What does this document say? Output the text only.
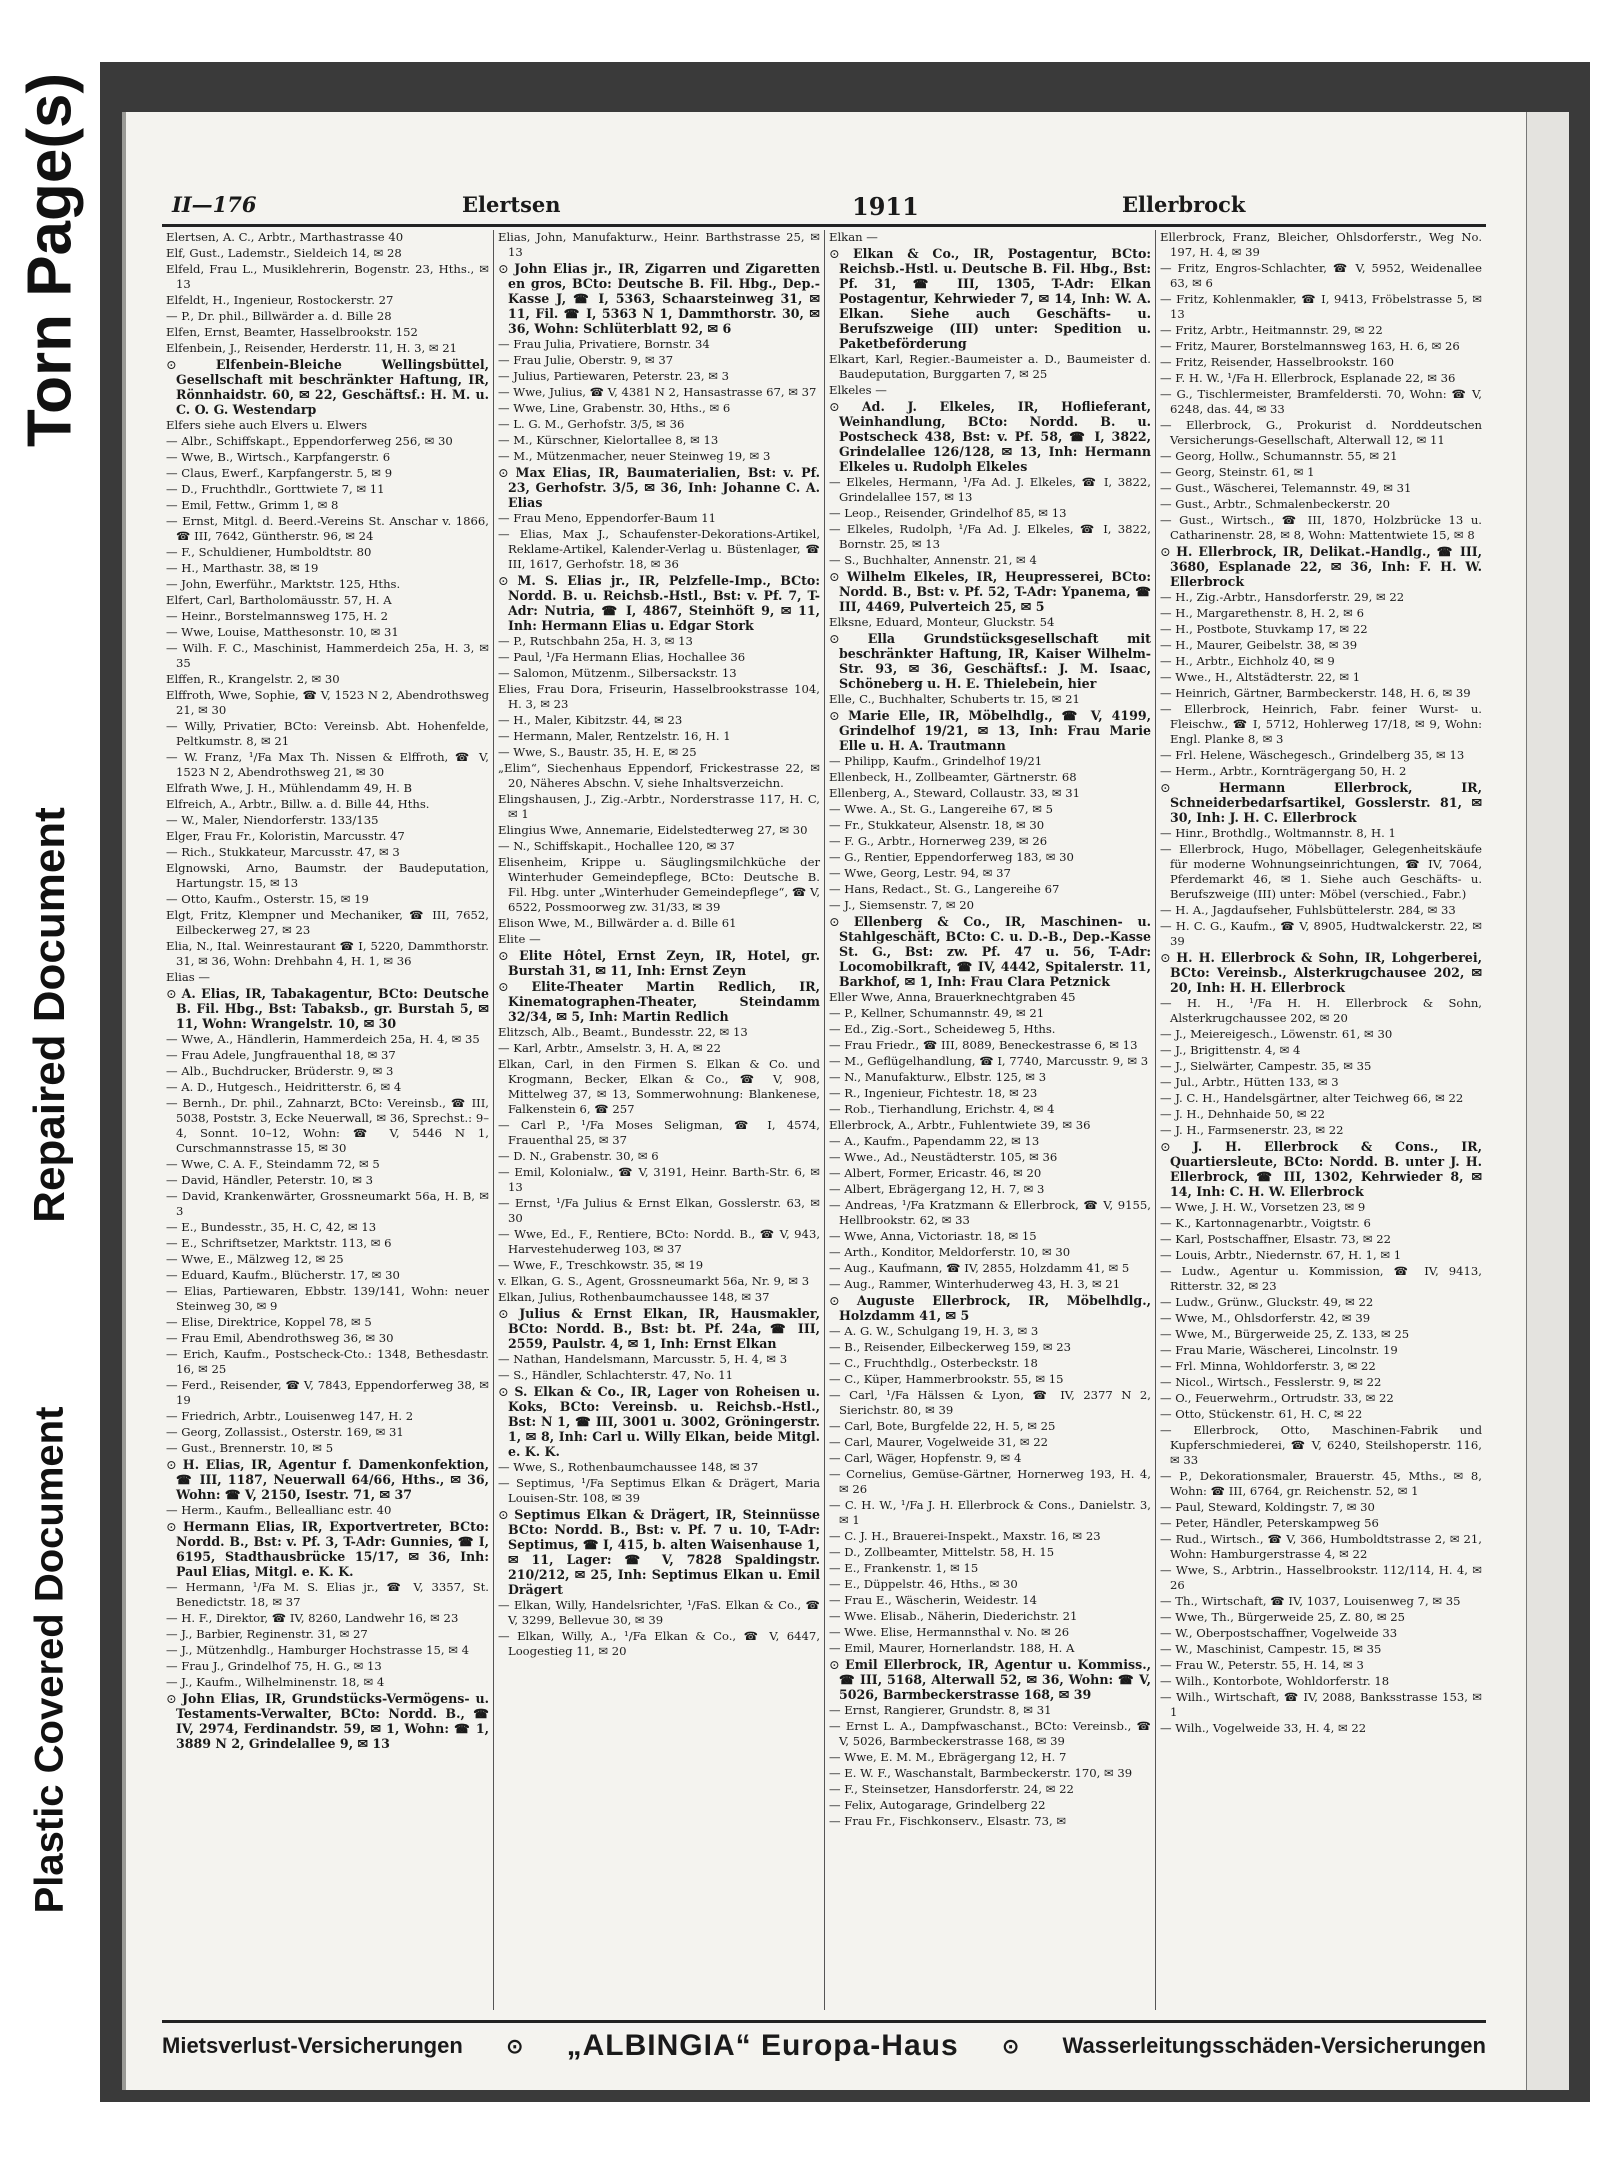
Torn Page(s)
Repaired Document
Plastic Covered Document
II—176	Elertsen	1911	Ellerbrock

Elertsen, A. C., Arbtr., Marthastrasse 40

Elf, Gust., Lademstr., Sieldeich 14, ✉ 28

Elfeld, Frau L., Musiklehrerin, Bogenstr. 23, Hths., ✉ 13

Elfeldt, H., Ingenieur, Rostockerstr. 27

— P., Dr. phil., Billwärder a. d. Bille 28

Elfen, Ernst, Beamter, Hasselbrookstr. 152

Elfenbein, J., Reisender, Herderstr. 11, H. 3, ✉ 21

⊙ Elfenbein-Bleiche Wellingsbüttel, Gesellschaft mit beschränkter Haftung, IR, Rönnhaidstr. 60, ✉ 22, Geschäftsf.: H. M. u. C. O. G. Westendarp

Elfers siehe auch Elvers u. Elwers

— Albr., Schiffskapt., Eppendorferweg 256, ✉ 30

— Wwe, B., Wirtsch., Karpfangerstr. 6

— Claus, Ewerf., Karpfangerstr. 5, ✉ 9

— D., Fruchthdlr., Gorttwiete 7, ✉ 11

— Emil, Fettw., Grimm 1, ✉ 8

— Ernst, Mitgl. d. Beerd.-Vereins St. Anschar v. 1866, ☎ III, 7642, Güntherstr. 96, ✉ 24

— F., Schuldiener, Humboldtstr. 80

— H., Marthastr. 38, ✉ 19

— John, Ewerführ., Marktstr. 125, Hths.

Elfert, Carl, Bartholomäusstr. 57, H. A

— Heinr., Borstelmannsweg 175, H. 2

— Wwe, Louise, Matthesonstr. 10, ✉ 31

— Wilh. F. C., Maschinist, Hammerdeich 25a, H. 3, ✉ 35

Elffen, R., Krangelstr. 2, ✉ 30

Elffroth, Wwe, Sophie, ☎ V, 1523 N 2, Abendrothsweg 21, ✉ 30

— Willy, Privatier, BCto: Vereinsb. Abt. Hohenfelde, Peltkumstr. 8, ✉ 21

— W. Franz, ¹/Fa Max Th. Nissen & Elffroth, ☎ V, 1523 N 2, Abendrothsweg 21, ✉ 30

Elfrath Wwe, J. H., Mühlendamm 49, H. B

Elfreich, A., Arbtr., Billw. a. d. Bille 44, Hths.

— W., Maler, Niendorferstr. 133/135

Elger, Frau Fr., Koloristin, Marcusstr. 47

— Rich., Stukkateur, Marcusstr. 47, ✉ 3

Elgnowski, Arno, Baumstr. der Baudeputation, Hartungstr. 15, ✉ 13

— Otto, Kaufm., Osterstr. 15, ✉ 19

Elgt, Fritz, Klempner und Mechaniker, ☎ III, 7652, Eilbeckerweg 27, ✉ 23

Elia, N., Ital. Weinrestaurant ☎ I, 5220, Dammthorstr. 31, ✉ 36, Wohn: Drehbahn 4, H. 1, ✉ 36

Elias —

⊙ A. Elias, IR, Tabakagentur, BCto: Deutsche B. Fil. Hbg., Bst: Tabaksb., gr. Burstah 5, ✉ 11, Wohn: Wrangelstr. 10, ✉ 30

— Wwe, A., Händlerin, Hammerdeich 25a, H. 4, ✉ 35

— Frau Adele, Jungfrauenthal 18, ✉ 37

— Alb., Buchdrucker, Brüderstr. 9, ✉ 3

— A. D., Hutgesch., Heidritterstr. 6, ✉ 4

— Bernh., Dr. phil., Zahnarzt, BCto: Vereinsb., ☎ III, 5038, Poststr. 3, Ecke Neuerwall, ✉ 36, Sprechst.: 9–4, Sonnt. 10–12, Wohn: ☎ V, 5446 N 1, Curschmannstrasse 15, ✉ 30

— Wwe, C. A. F., Steindamm 72, ✉ 5

— David, Händler, Peterstr. 10, ✉ 3

— David, Krankenwärter, Grossneumarkt 56a, H. B, ✉ 3

— E., Bundesstr., 35, H. C, 42, ✉ 13

— E., Schriftsetzer, Marktstr. 113, ✉ 6

— Wwe, E., Mälzweg 12, ✉ 25

— Eduard, Kaufm., Blücherstr. 17, ✉ 30

— Elias, Partiewaren, Ebbstr. 139/141, Wohn: neuer Steinweg 30, ✉ 9

— Elise, Direktrice, Koppel 78, ✉ 5

— Frau Emil, Abendrothsweg 36, ✉ 30

— Erich, Kaufm., Postscheck-Cto.: 1348, Bethesdastr. 16, ✉ 25

— Ferd., Reisender, ☎ V, 7843, Eppendorferweg 38, ✉ 19

— Friedrich, Arbtr., Louisenweg 147, H. 2

— Georg, Zollassist., Osterstr. 169, ✉ 31

— Gust., Brennerstr. 10, ✉ 5

⊙ H. Elias, IR, Agentur f. Damenkonfektion, ☎ III, 1187, Neuerwall 64/66, Hths., ✉ 36, Wohn: ☎ V, 2150, Isestr. 71, ✉ 37

— Herm., Kaufm., Belleallianc estr. 40

⊙ Hermann Elias, IR, Exportvertreter, BCto: Nordd. B., Bst: v. Pf. 3, T-Adr: Gunnies, ☎ I, 6195, Stadthausbrücke 15/17, ✉ 36, Inh: Paul Elias, Mitgl. e. K. K.

— Hermann, ¹/Fa M. S. Elias jr., ☎ V, 3357, St. Benedictstr. 18, ✉ 37

— H. F., Direktor, ☎ IV, 8260, Landwehr 16, ✉ 23

— J., Barbier, Reginenstr. 31, ✉ 27

— J., Mützenhdlg., Hamburger Hochstrasse 15, ✉ 4

— Frau J., Grindelhof 75, H. G., ✉ 13

— J., Kaufm., Wilhelminenstr. 18, ✉ 4

⊙ John Elias, IR, Grundstücks-Vermögens- u. Testaments-Verwalter, BCto: Nordd. B., ☎ IV, 2974, Ferdinandstr. 59, ✉ 1, Wohn: ☎ 1, 3889 N 2, Grindelallee 9, ✉ 13

Elias, John, Manufakturw., Heinr. Barthstrasse 25, ✉ 13

⊙ John Elias jr., IR, Zigarren und Zigaretten en gros, BCto: Deutsche B. Fil. Hbg., Dep.-Kasse J, ☎ I, 5363, Schaarsteinweg 31, ✉ 11, Fil. ☎ I, 5363 N 1, Dammthorstr. 30, ✉ 36, Wohn: Schlüterblatt 92, ✉ 6

— Frau Julia, Privatiere, Bornstr. 34

— Frau Julie, Oberstr. 9, ✉ 37

— Julius, Partiewaren, Peterstr. 23, ✉ 3

— Wwe, Julius, ☎ V, 4381 N 2, Hansastrasse 67, ✉ 37

— Wwe, Line, Grabenstr. 30, Hths., ✉ 6

— L. G. M., Gerhofstr. 3/5, ✉ 36

— M., Kürschner, Kielortallee 8, ✉ 13

— M., Mützenmacher, neuer Steinweg 19, ✉ 3

⊙ Max Elias, IR, Baumaterialien, Bst: v. Pf. 23, Gerhofstr. 3/5, ✉ 36, Inh: Johanne C. A. Elias

— Frau Meno, Eppendorfer-Baum 11

— Elias, Max J., Schaufenster-Dekorations-Artikel, Reklame-Artikel, Kalender-Verlag u. Büstenlager, ☎ III, 1617, Gerhofstr. 18, ✉ 36

⊙ M. S. Elias jr., IR, Pelzfelle-Imp., BCto: Nordd. B. u. Reichsb.-Hstl., Bst: v. Pf. 7, T-Adr: Nutria, ☎ I, 4867, Steinhöft 9, ✉ 11, Inh: Hermann Elias u. Edgar Stork

— P., Rutschbahn 25a, H. 3, ✉ 13

— Paul, ¹/Fa Hermann Elias, Hochallee 36

— Salomon, Mützenm., Silbersackstr. 13

Elies, Frau Dora, Friseurin, Hasselbrookstrasse 104, H. 3, ✉ 23

— H., Maler, Kibitzstr. 44, ✉ 23

— Hermann, Maler, Rentzelstr. 16, H. 1

— Wwe, S., Baustr. 35, H. E, ✉ 25

„Elim“, Siechenhaus Eppendorf, Frickestrasse 22, ✉ 20, Näheres Abschn. V, siehe Inhaltsverzeichn.

Elingshausen, J., Zig.-Arbtr., Norderstrasse 117, H. C, ✉ 1

Elingius Wwe, Annemarie, Eidelstedterweg 27, ✉ 30

— N., Schiffskapit., Hochallee 120, ✉ 37

Elisenheim, Krippe u. Säuglingsmilchküche der Winterhuder Gemeindepflege, BCto: Deutsche B. Fil. Hbg. unter „Winterhuder Gemeindepflege“, ☎ V, 6522, Possmoorweg zw. 31/33, ✉ 39

Elison Wwe, M., Billwärder a. d. Bille 61

Elite —

⊙ Elite Hôtel, Ernst Zeyn, IR, Hotel, gr. Burstah 31, ✉ 11, Inh: Ernst Zeyn

⊙ Elite-Theater Martin Redlich, IR, Kinematographen-Theater, Steindamm 32/34, ✉ 5, Inh: Martin Redlich

Elitzsch, Alb., Beamt., Bundesstr. 22, ✉ 13

— Karl, Arbtr., Amselstr. 3, H. A, ✉ 22

Elkan, Carl, in den Firmen S. Elkan & Co. und Krogmann, Becker, Elkan & Co., ☎ V, 908, Mittelweg 37, ✉ 13, Sommerwohnung: Blankenese, Falkenstein 6, ☎ 257

— Carl P., ¹/Fa Moses Seligman, ☎ I, 4574, Frauenthal 25, ✉ 37

— D. N., Grabenstr. 30, ✉ 6

— Emil, Kolonialw., ☎ V, 3191, Heinr. Barth-Str. 6, ✉ 13

— Ernst, ¹/Fa Julius & Ernst Elkan, Gosslerstr. 63, ✉ 30

— Wwe, Ed., F., Rentiere, BCto: Nordd. B., ☎ V, 943, Harvestehuderweg 103, ✉ 37

— Wwe, F., Treschkowstr. 35, ✉ 19

v. Elkan, G. S., Agent, Grossneumarkt 56a, Nr. 9, ✉ 3

Elkan, Julius, Rothenbaumchaussee 148, ✉ 37

⊙ Julius & Ernst Elkan, IR, Hausmakler, BCto: Nordd. B., Bst: bt. Pf. 24a, ☎ III, 2559, Paulstr. 4, ✉ 1, Inh: Ernst Elkan

— Nathan, Handelsmann, Marcusstr. 5, H. 4, ✉ 3

— S., Händler, Schlachterstr. 47, No. 11

⊙ S. Elkan & Co., IR, Lager von Roheisen u. Koks, BCto: Vereinsb. u. Reichsb.-Hstl., Bst: N 1, ☎ III, 3001 u. 3002, Gröningerstr. 1, ✉ 8, Inh: Carl u. Willy Elkan, beide Mitgl. e. K. K.

— Wwe, S., Rothenbaumchaussee 148, ✉ 37

— Septimus, ¹/Fa Septimus Elkan & Drägert, Maria Louisen-Str. 108, ✉ 39

⊙ Septimus Elkan & Drägert, IR, Steinnüsse BCto: Nordd. B., Bst: v. Pf. 7 u. 10, T-Adr: Septimus, ☎ I, 415, b. alten Waisenhause 1, ✉ 11, Lager: ☎ V, 7828 Spaldingstr. 210/212, ✉ 25, Inh: Septimus Elkan u. Emil Drägert

— Elkan, Willy, Handelsrichter, ¹/FaS. Elkan & Co., ☎ V, 3299, Bellevue 30, ✉ 39

— Elkan, Willy, A., ¹/Fa Elkan & Co., ☎ V, 6447, Loogestieg 11, ✉ 20

Elkan —

⊙ Elkan & Co., IR, Postagentur, BCto: Reichsb.-Hstl. u. Deutsche B. Fil. Hbg., Bst: Pf. 31, ☎ III, 1305, T-Adr: Elkan Postagentur, Kehrwieder 7, ✉ 14, Inh: W. A. Elkan. Siehe auch Geschäfts- u. Berufszweige (III) unter: Spedition u. Paketbeförderung

Elkart, Karl, Regier.-Baumeister a. D., Baumeister d. Baudeputation, Burggarten 7, ✉ 25

Elkeles —

⊙ Ad. J. Elkeles, IR, Hoflieferant, Weinhandlung, BCto: Nordd. B. u. Postscheck 438, Bst: v. Pf. 58, ☎ I, 3822, Grindelallee 126/128, ✉ 13, Inh: Hermann Elkeles u. Rudolph Elkeles

— Elkeles, Hermann, ¹/Fa Ad. J. Elkeles, ☎ I, 3822, Grindelallee 157, ✉ 13

— Leop., Reisender, Grindelhof 85, ✉ 13

— Elkeles, Rudolph, ¹/Fa Ad. J. Elkeles, ☎ I, 3822, Bornstr. 25, ✉ 13

— S., Buchhalter, Annenstr. 21, ✉ 4

⊙ Wilhelm Elkeles, IR, Heupresserei, BCto: Nordd. B., Bst: v. Pf. 52, T-Adr: Ypanema, ☎ III, 4469, Pulverteich 25, ✉ 5

Elksne, Eduard, Monteur, Gluckstr. 54

⊙ Ella Grundstücksgesellschaft mit beschränkter Haftung, IR, Kaiser Wilhelm-Str. 93, ✉ 36, Geschäftsf.: J. M. Isaac, Schöneberg u. H. E. Thielebein, hier

Elle, C., Buchhalter, Schuberts tr. 15, ✉ 21

⊙ Marie Elle, IR, Möbelhdlg., ☎ V, 4199, Grindelhof 19/21, ✉ 13, Inh: Frau Marie Elle u. H. A. Trautmann

— Philipp, Kaufm., Grindelhof 19/21

Ellenbeck, H., Zollbeamter, Gärtnerstr. 68

Ellenberg, A., Steward, Collaustr. 33, ✉ 31

— Wwe. A., St. G., Langereihe 67, ✉ 5

— Fr., Stukkateur, Alsenstr. 18, ✉ 30

— F. G., Arbtr., Hornerweg 239, ✉ 26

— G., Rentier, Eppendorferweg 183, ✉ 30

— Wwe, Georg, Lestr. 94, ✉ 37

— Hans, Redact., St. G., Langereihe 67

— J., Siemsenstr. 7, ✉ 20

⊙ Ellenberg & Co., IR, Maschinen- u. Stahlgeschäft, BCto: C. u. D.-B., Dep.-Kasse St. G., Bst: zw. Pf. 47 u. 56, T-Adr: Locomobilkraft, ☎ IV, 4442, Spitalerstr. 11, Barkhof, ✉ 1, Inh: Frau Clara Petznick

Eller Wwe, Anna, Brauerknechtgraben 45

— P., Kellner, Schumannstr. 49, ✉ 21

— Ed., Zig.-Sort., Scheideweg 5, Hths.

— Frau Friedr., ☎ III, 8089, Beneckestrasse 6, ✉ 13

— M., Geflügelhandlung, ☎ I, 7740, Marcusstr. 9, ✉ 3

— N., Manufakturw., Elbstr. 125, ✉ 3

— R., Ingenieur, Fichtestr. 18, ✉ 23

— Rob., Tierhandlung, Erichstr. 4, ✉ 4

Ellerbrock, A., Arbtr., Fuhlentwiete 39, ✉ 36

— A., Kaufm., Papendamm 22, ✉ 13

— Wwe., Ad., Neustädterstr. 105, ✉ 36

— Albert, Former, Ericastr. 46, ✉ 20

— Albert, Ebrägergang 12, H. 7, ✉ 3

— Andreas, ¹/Fa Kratzmann & Ellerbrock, ☎ V, 9155, Hellbrookstr. 62, ✉ 33

— Wwe, Anna, Victoriastr. 18, ✉ 15

— Arth., Konditor, Meldorferstr. 10, ✉ 30

— Aug., Kaufmann, ☎ IV, 2855, Holzdamm 41, ✉ 5

— Aug., Rammer, Winterhuderweg 43, H. 3, ✉ 21

⊙ Auguste Ellerbrock, IR, Möbelhdlg., Holzdamm 41, ✉ 5

— A. G. W., Schulgang 19, H. 3, ✉ 3

— B., Reisender, Eilbeckerweg 159, ✉ 23

— C., Fruchthdlg., Osterbeckstr. 18

— C., Küper, Hammerbrookstr. 55, ✉ 15

— Carl, ¹/Fa Hälssen & Lyon, ☎ IV, 2377 N 2, Sierichstr. 80, ✉ 39

— Carl, Bote, Burgfelde 22, H. 5, ✉ 25

— Carl, Maurer, Vogelweide 31, ✉ 22

— Carl, Wäger, Hopfenstr. 9, ✉ 4

— Cornelius, Gemüse-Gärtner, Hornerweg 193, H. 4, ✉ 26

— C. H. W., ¹/Fa J. H. Ellerbrock & Cons., Danielstr. 3, ✉ 1

— C. J. H., Brauerei-Inspekt., Maxstr. 16, ✉ 23

— D., Zollbeamter, Mittelstr. 58, H. 15

— E., Frankenstr. 1, ✉ 15

— E., Düppelstr. 46, Hths., ✉ 30

— Frau E., Wäscherin, Weidestr. 14

— Wwe. Elisab., Näherin, Diederichstr. 21

— Wwe. Elise, Hermannsthal v. No. ✉ 26

— Emil, Maurer, Hornerlandstr. 188, H. A

⊙ Emil Ellerbrock, IR, Agentur u. Kommiss., ☎ III, 5168, Alterwall 52, ✉ 36, Wohn: ☎ V, 5026, Barmbeckerstrasse 168, ✉ 39

— Ernst, Rangierer, Grundstr. 8, ✉ 31

— Ernst L. A., Dampfwaschanst., BCto: Vereinsb., ☎ V, 5026, Barmbeckerstrasse 168, ✉ 39

— Wwe, E. M. M., Ebrägergang 12, H. 7

— E. W. F., Waschanstalt, Barmbeckerstr. 170, ✉ 39

— F., Steinsetzer, Hansdorferstr. 24, ✉ 22

— Felix, Autogarage, Grindelberg 22

— Frau Fr., Fischkonserv., Elsastr. 73, ✉

Ellerbrock, Franz, Bleicher, Ohlsdorferstr., Weg No. 197, H. 4, ✉ 39

— Fritz, Engros-Schlachter, ☎ V, 5952, Weidenallee 63, ✉ 6

— Fritz, Kohlenmakler, ☎ I, 9413, Fröbelstrasse 5, ✉ 13

— Fritz, Arbtr., Heitmannstr. 29, ✉ 22

— Fritz, Maurer, Borstelmannsweg 163, H. 6, ✉ 26

— Fritz, Reisender, Hasselbrookstr. 160

— F. H. W., ¹/Fa H. Ellerbrock, Esplanade 22, ✉ 36

— G., Tischlermeister, Bramfeldersti. 70, Wohn: ☎ V, 6248, das. 44, ✉ 33

— Ellerbrock, G., Prokurist d. Norddeutschen Versicherungs-Gesellschaft, Alterwall 12, ✉ 11

— Georg, Hollw., Schumannstr. 55, ✉ 21

— Georg, Steinstr. 61, ✉ 1

— Gust., Wäscherei, Telemannstr. 49, ✉ 31

— Gust., Arbtr., Schmalenbeckerstr. 20

— Gust., Wirtsch., ☎ III, 1870, Holzbrücke 13 u. Catharinenstr. 28, ✉ 8, Wohn: Mattentwiete 15, ✉ 8

⊙ H. Ellerbrock, IR, Delikat.-Handlg., ☎ III, 3680, Esplanade 22, ✉ 36, Inh: F. H. W. Ellerbrock

— H., Zig.-Arbtr., Hansdorferstr. 29, ✉ 22

— H., Margarethenstr. 8, H. 2, ✉ 6

— H., Postbote, Stuvkamp 17, ✉ 22

— H., Maurer, Geibelstr. 38, ✉ 39

— H., Arbtr., Eichholz 40, ✉ 9

— Wwe., H., Altstädterstr. 22, ✉ 1

— Heinrich, Gärtner, Barmbeckerstr. 148, H. 6, ✉ 39

— Ellerbrock, Heinrich, Fabr. feiner Wurst- u. Fleischw., ☎ I, 5712, Hohlerweg 17/18, ✉ 9, Wohn: Engl. Planke 8, ✉ 3

— Frl. Helene, Wäschegesch., Grindelberg 35, ✉ 13

— Herm., Arbtr., Kornträgergang 50, H. 2

⊙ Hermann Ellerbrock, IR, Schneiderbedarfsartikel, Gosslerstr. 81, ✉ 30, Inh: J. H. C. Ellerbrock

— Hinr., Brothdlg., Woltmannstr. 8, H. 1

— Ellerbrock, Hugo, Möbellager, Gelegenheitskäufe für moderne Wohnungseinrichtungen, ☎ IV, 7064, Pferdemarkt 46, ✉ 1. Siehe auch Geschäfts- u. Berufszweige (III) unter: Möbel (verschied., Fabr.)

— H. A., Jagdaufseher, Fuhlsbüttelerstr. 284, ✉ 33

— H. C. G., Kaufm., ☎ V, 8905, Hudtwalckerstr. 22, ✉ 39

⊙ H. H. Ellerbrock & Sohn, IR, Lohgerberei, BCto: Vereinsb., Alsterkrugchausee 202, ✉ 20, Inh: H. H. Ellerbrock

— H. H., ¹/Fa H. H. Ellerbrock & Sohn, Alsterkrugchaussee 202, ✉ 20

— J., Meiereigesch., Löwenstr. 61, ✉ 30

— J., Brigittenstr. 4, ✉ 4

— J., Sielwärter, Campestr. 35, ✉ 35

— Jul., Arbtr., Hütten 133, ✉ 3

— J. C. H., Handelsgärtner, alter Teichweg 66, ✉ 22

— J. H., Dehnhaide 50, ✉ 22

— J. H., Farmsenerstr. 23, ✉ 22

⊙ J. H. Ellerbrock & Cons., IR, Quartiersleute, BCto: Nordd. B. unter J. H. Ellerbrock, ☎ III, 1302, Kehrwieder 8, ✉ 14, Inh: C. H. W. Ellerbrock

— Wwe, J. H. W., Vorsetzen 23, ✉ 9

— K., Kartonnagenarbtr., Voigtstr. 6

— Karl, Postschaffner, Elsastr. 73, ✉ 22

— Louis, Arbtr., Niedernstr. 67, H. 1, ✉ 1

— Ludw., Agentur u. Kommission, ☎ IV, 9413, Ritterstr. 32, ✉ 23

— Ludw., Grünw., Gluckstr. 49, ✉ 22

— Wwe, M., Ohlsdorferstr. 42, ✉ 39

— Wwe, M., Bürgerweide 25, Z. 133, ✉ 25

— Frau Marie, Wäscherei, Lincolnstr. 19

— Frl. Minna, Wohldorferstr. 3, ✉ 22

— Nicol., Wirtsch., Fesslerstr. 9, ✉ 22

— O., Feuerwehrm., Ortrudstr. 33, ✉ 22

— Otto, Stückenstr. 61, H. C, ✉ 22

— Ellerbrock, Otto, Maschinen-Fabrik und Kupferschmiederei, ☎ V, 6240, Steilshoperstr. 116, ✉ 33

— P., Dekorationsmaler, Brauerstr. 45, Mths., ✉ 8, Wohn: ☎ III, 6764, gr. Reichenstr. 52, ✉ 1

— Paul, Steward, Koldingstr. 7, ✉ 30

— Peter, Händler, Peterskampweg 56

— Rud., Wirtsch., ☎ V, 366, Humboldtstrasse 2, ✉ 21, Wohn: Hamburgerstrasse 4, ✉ 22

— Wwe, S., Arbtrin., Hasselbrookstr. 112/114, H. 4, ✉ 26

— Th., Wirtschaft, ☎ IV, 1037, Louisenweg 7, ✉ 35

— Wwe, Th., Bürgerweide 25, Z. 80, ✉ 25

— W., Oberpostschaffner, Vogelweide 33

— W., Maschinist, Campestr. 15, ✉ 35

— Frau W., Peterstr. 55, H. 14, ✉ 3

— Wilh., Kontorbote, Wohldorferstr. 18

— Wilh., Wirtschaft, ☎ IV, 2088, Banksstrasse 153, ✉ 1

— Wilh., Vogelweide 33, H. 4, ✉ 22

Mietsverlust-Versicherungen ⊙ „ALBINGIA“ Europa-Haus ⊙ Wasserleitungsschäden-Versicherungen
